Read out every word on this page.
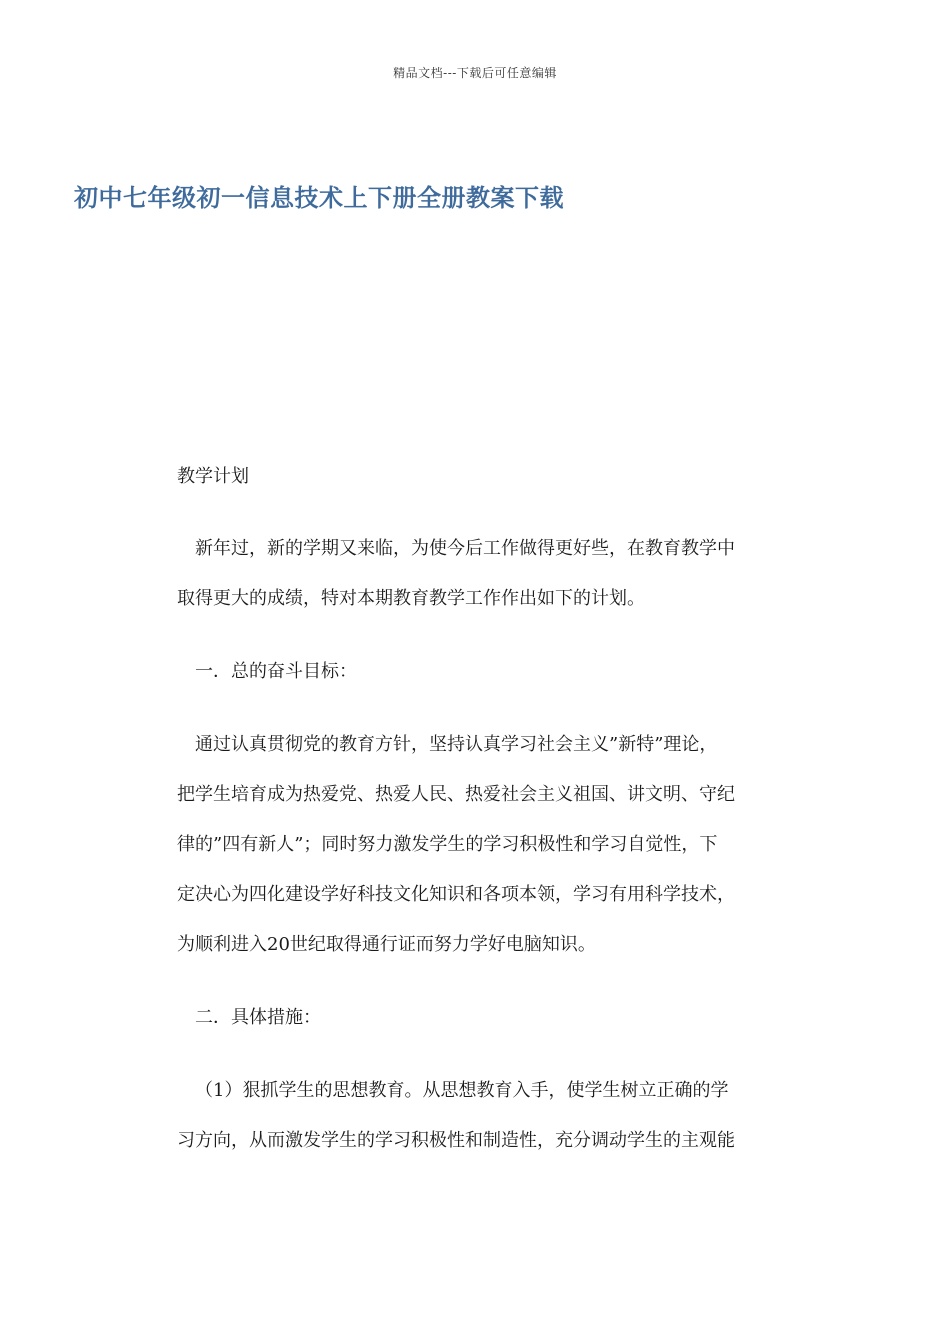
精品文档---下载后可任意编辑
初中七年级初一信息技术上下册全册教案下载

教学计划

新年过，新的学期又来临，为使今后工作做得更好些，在教育教学中
取得更大的成绩，特对本期教育教学工作作出如下的计划。

一．总的奋斗目标：

通过认真贯彻党的教育方针，坚持认真学习社会主义”新特”理论，
把学生培育成为热爱党、热爱人民、热爱社会主义祖国、讲文明、守纪
律的”四有新人”；同时努力激发学生的学习积极性和学习自觉性，下
定决心为四化建设学好科技文化知识和各项本领，学习有用科学技术，
为顺利进入20世纪取得通行证而努力学好电脑知识。

二．具体措施：

（1）狠抓学生的思想教育。从思想教育入手，使学生树立正确的学
习方向，从而激发学生的学习积极性和制造性，充分调动学生的主观能
